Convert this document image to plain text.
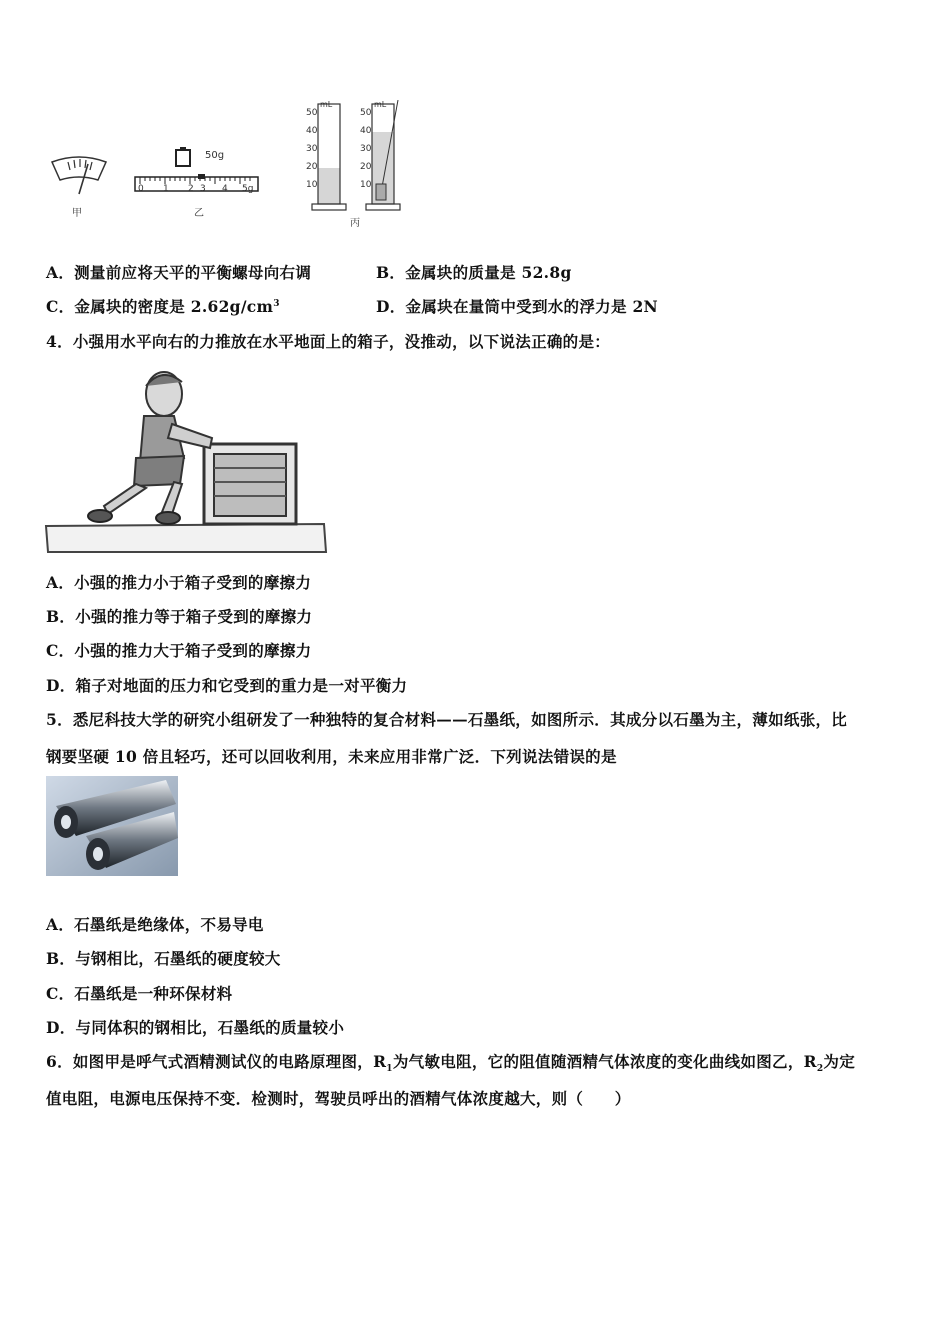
甲
50g
0 1 2 3 4 5g
乙
mL
50
40
30
20
10
mL
50
40
30
20
10
丙
A．测量前应将天平的平衡螺母向右调	B．金属块的质量是 52.8g
C．金属块的密度是 $2.62g/cm^3$	D．金属块在量筒中受到水的浮力是 2N
4．小强用水平向右的力推放在水平地面上的箱子，没推动，以下说法正确的是：
A．小强的推力小于箱子受到的摩擦力
B．小强的推力等于箱子受到的摩擦力
C．小强的推力大于箱子受到的摩擦力
D．箱子对地面的压力和它受到的重力是一对平衡力
5．悉尼科技大学的研究小组研发了一种独特的复合材料——石墨纸，如图所示．其成分以石墨为主，薄如纸张，比
钢要坚硬 10 倍且轻巧，还可以回收利用，未来应用非常广泛．下列说法错误的是
A．石墨纸是绝缘体，不易导电
B．与钢相比，石墨纸的硬度较大
C．石墨纸是一种环保材料
D．与同体积的钢相比，石墨纸的质量较小
6．如图甲是呼气式酒精测试仪的电路原理图，$R_1$为气敏电阻，它的阻值随酒精气体浓度的变化曲线如图乙，$R_2$为定
值电阻，电源电压保持不变．检测时，驾驶员呼出的酒精气体浓度越大，则（　　）
